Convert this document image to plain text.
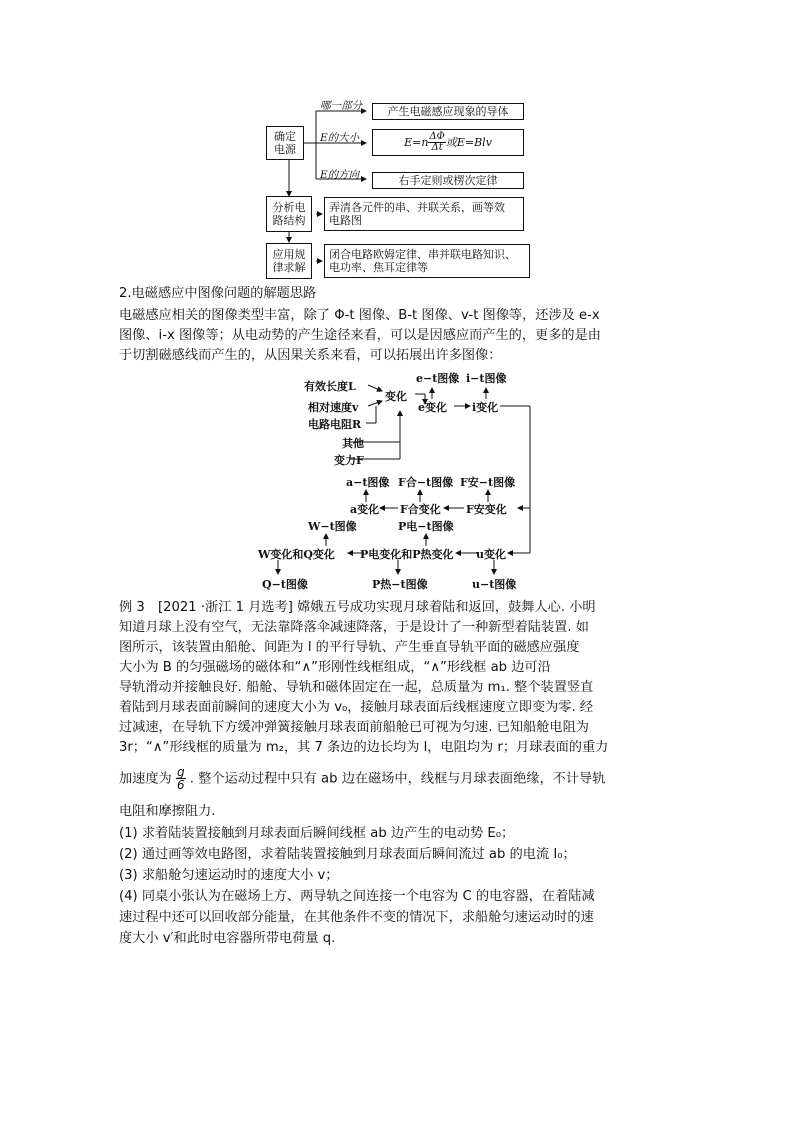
确定
电源
哪一部分
E的大小
E的方向
产生电磁感应现象的导体
$E=n \frac{\Delta\Phi}{\Delta t}$ 或E=Blv
右手定则或楞次定律
分析电
路结构
弄清各元件的串、并联关系，画等效
电路图
应用规
律求解
闭合电路欧姆定律、串并联电路知识、
电功率、焦耳定律等
2.电磁感应中图像问题的解题思路
电磁感应相关的图像类型丰富，除了 Φ-t 图像、B-t 图像、v-t 图像等，还涉及 e-x
图像、i-x 图像等；从电动势的产生途径来看，可以是因感应而产生的，更多的是由
于切割磁感线而产生的，从因果关系来看，可以拓展出许多图像：
有效长度L
相对速度v
电路电阻R
其他
变力F
变化
e−t图像 i−t图像
e变化 i变化
a−t图像 F合−t图像 F安−t图像
a变化 F合变化 F安变化
W−t图像	P电−t图像
W变化和Q变化 P电变化和P热变化 u变化
Q−t图像	P热−t图像	u−t图像
例 3　[2021 ·浙江 1 月选考] 嫦娥五号成功实现月球着陆和返回，鼓舞人心. 小明
知道月球上没有空气，无法靠降落伞减速降落，于是设计了一种新型着陆装置. 如
图所示，该装置由船舱、间距为 l 的平行导轨、产生垂直导轨平面的磁感应强度
大小为 B 的匀强磁场的磁体和“∧”形刚性线框组成，“∧”形线框 ab 边可沿
导轨滑动并接触良好. 船舱、导轨和磁体固定在一起，总质量为 m₁. 整个装置竖直
着陆到月球表面前瞬间的速度大小为 v₀，接触月球表面后线框速度立即变为零. 经
过减速，在导轨下方缓冲弹簧接触月球表面前船舱已可视为匀速. 已知船舱电阻为
3r；“∧”形线框的质量为 m₂，其 7 条边的边长均为 l，电阻均为 r；月球表面的重力
加速度为 $\frac{g}{6}$ . 整个运动过程中只有 ab 边在磁场中，线框与月球表面绝缘，不计导轨
电阻和摩擦阻力.
(1) 求着陆装置接触到月球表面后瞬间线框 ab 边产生的电动势 E₀；
(2) 通过画等效电路图，求着陆装置接触到月球表面后瞬间流过 ab 的电流 I₀；
(3) 求船舱匀速运动时的速度大小 v；
(4) 同桌小张认为在磁场上方、两导轨之间连接一个电容为 C 的电容器，在着陆减
速过程中还可以回收部分能量，在其他条件不变的情况下，求船舱匀速运动时的速
度大小 v′和此时电容器所带电荷量 q.
